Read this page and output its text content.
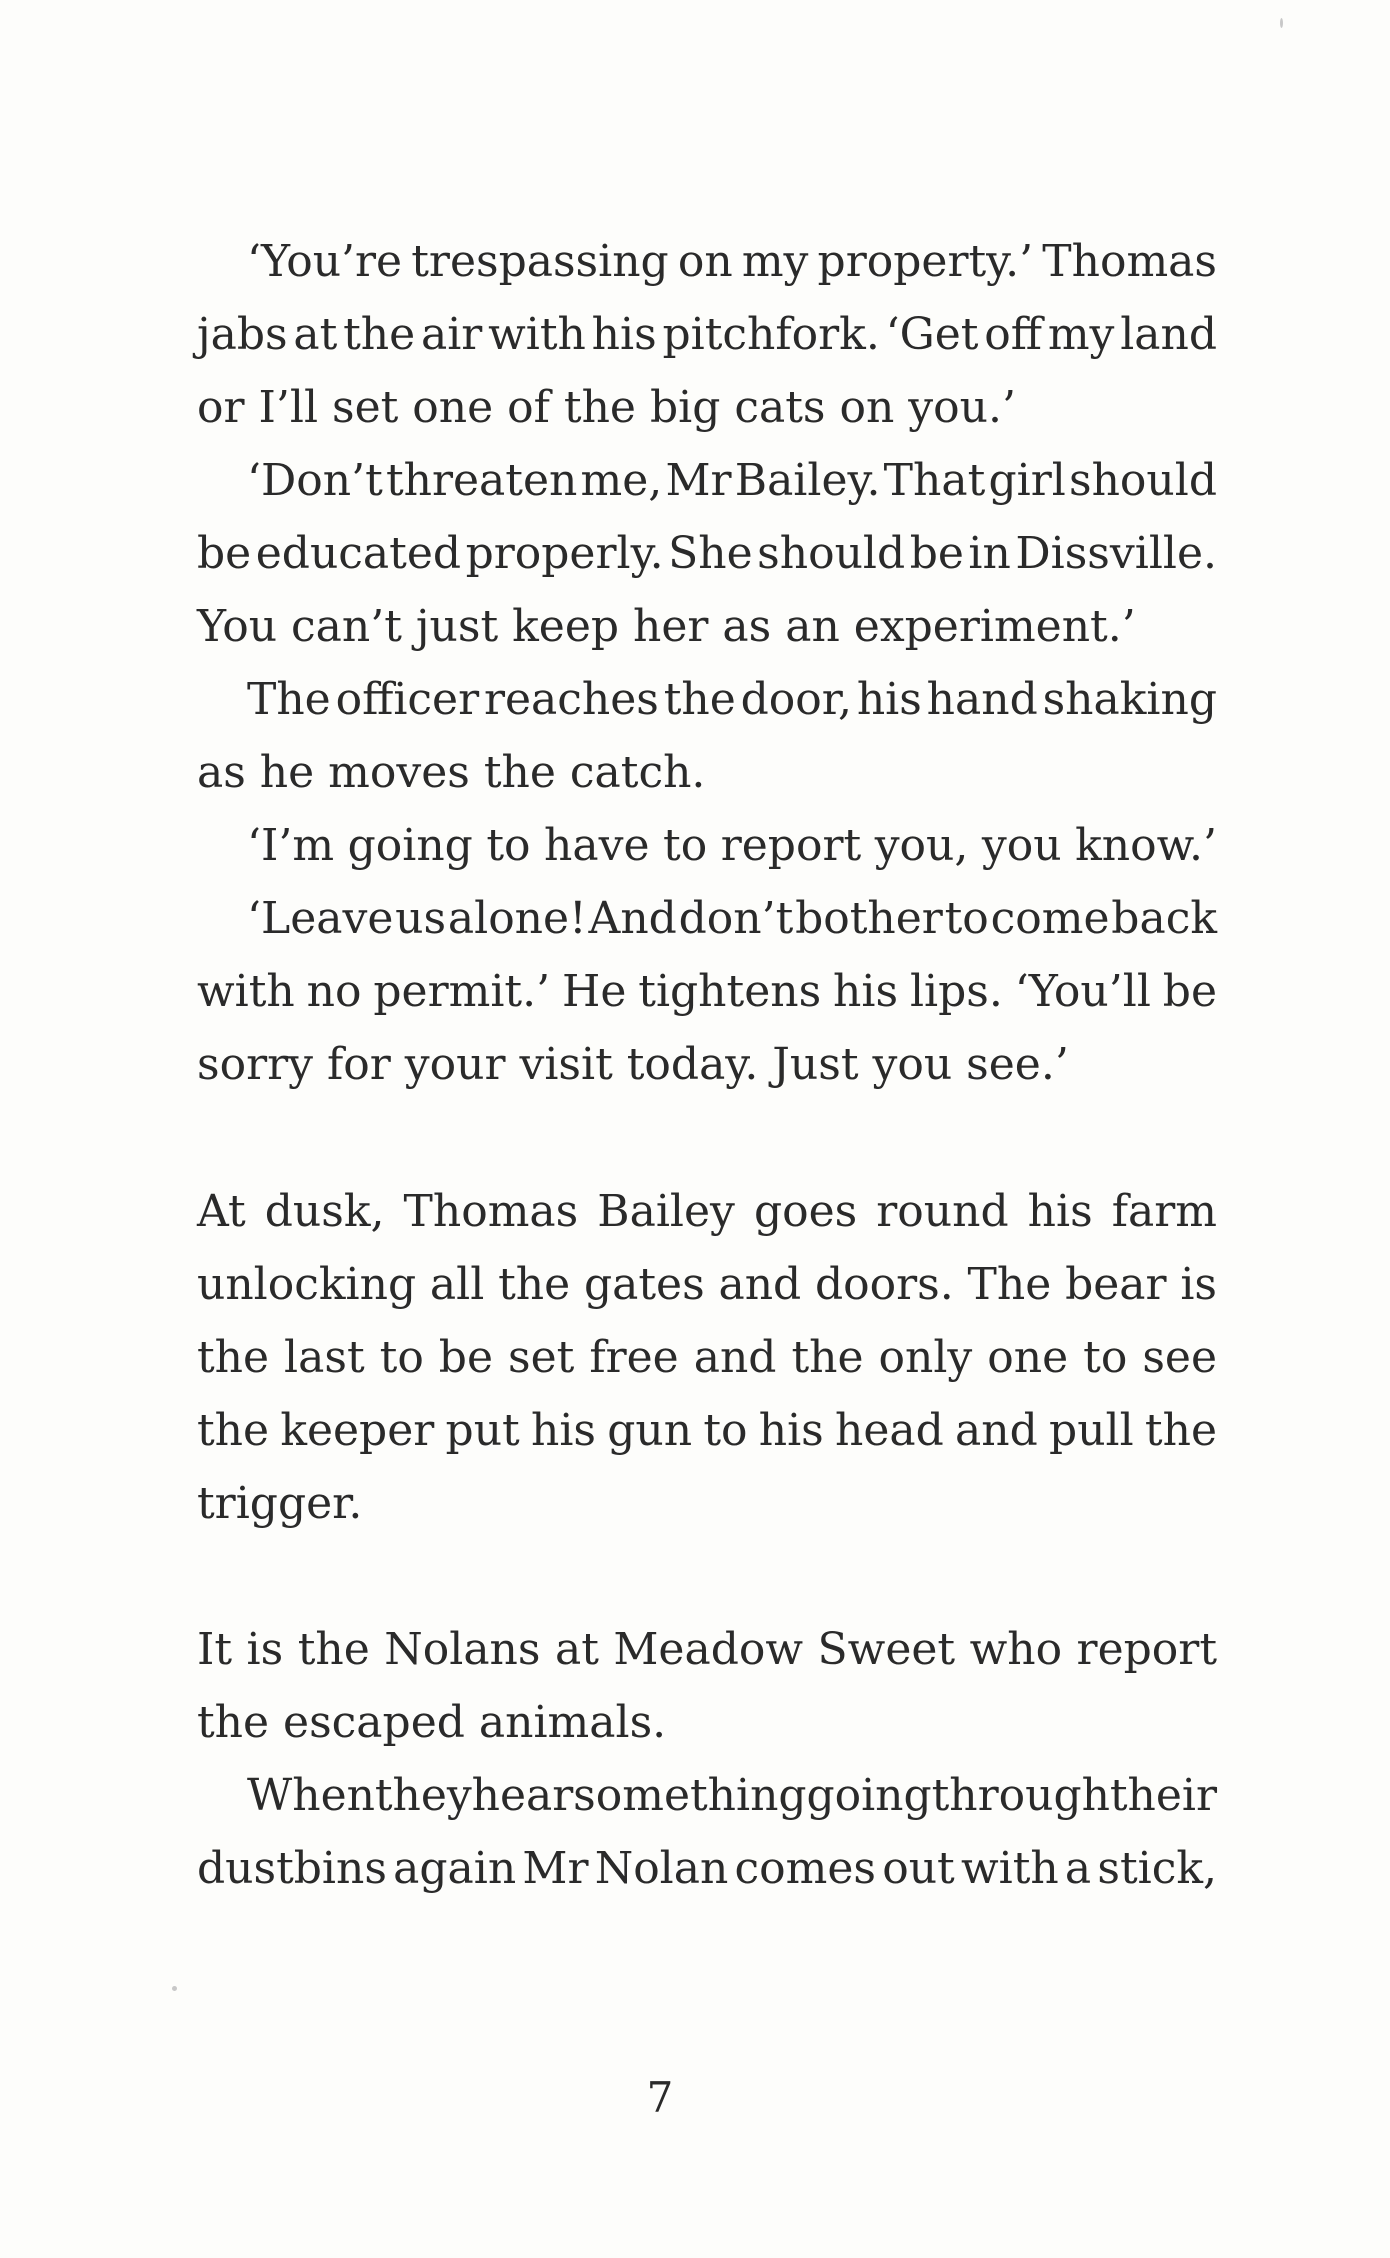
‘You’re trespassing on my property.’ Thomas
jabs at the air with his pitchfork. ‘Get off my land
or I’ll set one of the big cats on you.’
‘Don’t threaten me, Mr Bailey. That girl should
be educated properly. She should be in Dissville.
You can’t just keep her as an experiment.’
The officer reaches the door, his hand shaking
as he moves the catch.
‘I’m going to have to report you, you know.’
‘Leave us alone! And don’t bother to come back
with no permit.’ He tightens his lips. ‘You’ll be
sorry for your visit today. Just you see.’
At dusk, Thomas Bailey goes round his farm
unlocking all the gates and doors. The bear is
the last to be set free and the only one to see
the keeper put his gun to his head and pull the
trigger.
It is the Nolans at Meadow Sweet who report
the escaped animals.
When they hear something going through their
dustbins again Mr Nolan comes out with a stick,
7
